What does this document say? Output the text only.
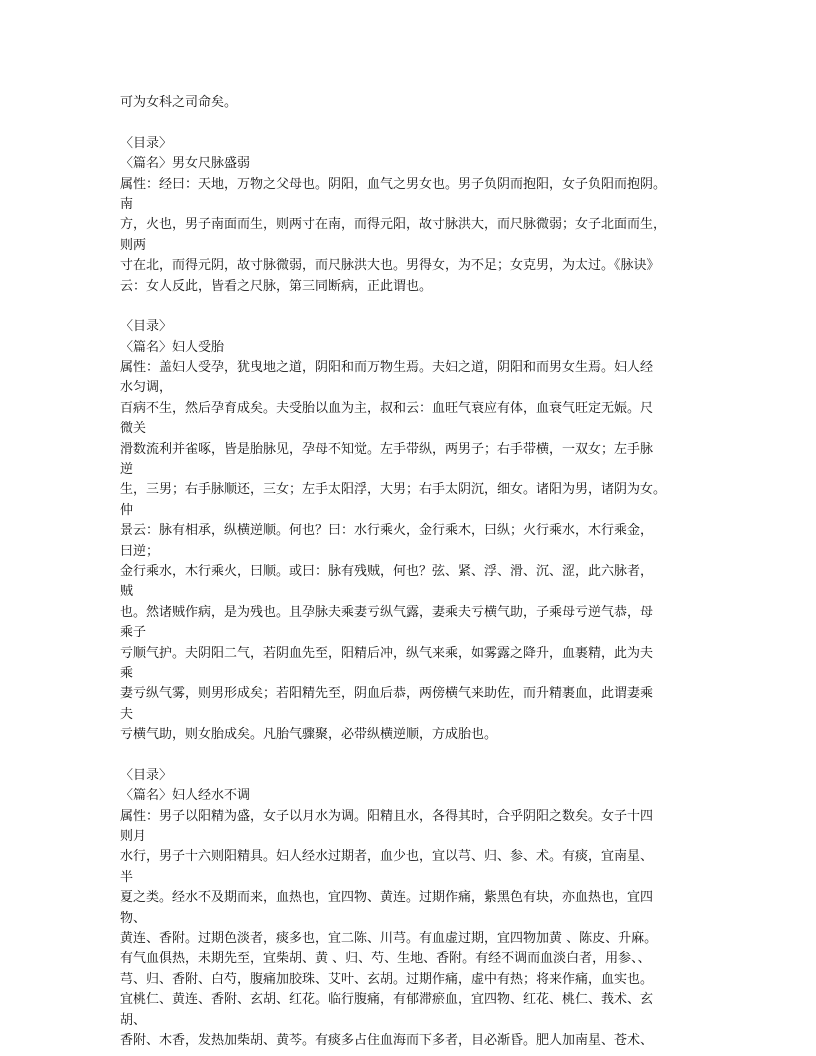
可为女科之司命矣。
〈目录〉
〈篇名〉男女尺脉盛弱
属性：经曰：天地，万物之父母也。阴阳，血气之男女也。男子负阴而抱阳，女子负阳而抱阴。
南
方，火也，男子南面而生，则两寸在南，而得元阳，故寸脉洪大，而尺脉微弱；女子北面而生，
则两
寸在北，而得元阴，故寸脉微弱，而尺脉洪大也。男得女，为不足；女克男，为太过。《脉诀》
云：女人反此，皆看之尺脉，第三同断病，正此谓也。
〈目录〉
〈篇名〉妇人受胎
属性：盖妇人受孕，犹曳地之道，阴阳和而万物生焉。夫妇之道，阴阳和而男女生焉。妇人经
水匀调，
百病不生，然后孕育成矣。夫受胎以血为主，叔和云：血旺气衰应有体，血衰气旺定无娠。尺
微关
滑数流利并雀啄，皆是胎脉见，孕母不知觉。左手带纵，两男子；右手带横，一双女；左手脉
逆
生，三男；右手脉顺还，三女；左手太阳浮，大男；右手太阴沉，细女。诸阳为男，诸阴为女。
仲
景云：脉有相承，纵横逆顺。何也？曰：水行乘火，金行乘木，曰纵；火行乘水，木行乘金，
曰逆；
金行乘水，木行乘火，曰顺。或曰：脉有残贼，何也？弦、紧、浮、滑、沉、涩，此六脉者，
贼
也。然诸贼作病，是为残也。且孕脉夫乘妻亏纵气露，妻乘夫亏横气助，子乘母亏逆气恭，母
乘子
亏顺气护。夫阴阳二气，若阴血先至，阳精后冲，纵气来乘，如雾露之降升，血裹精，此为夫
乘
妻亏纵气雾，则男形成矣；若阳精先至，阴血后恭，两傍横气来助佐，而升精裹血，此谓妻乘
夫
亏横气助，则女胎成矣。凡胎气骤聚，必带纵横逆顺，方成胎也。
〈目录〉
〈篇名〉妇人经水不调
属性：男子以阳精为盛，女子以月水为调。阳精且水，各得其时，合乎阴阳之数矣。女子十四
则月
水行，男子十六则阳精具。妇人经水过期者，血少也，宜以芎、归、参、术。有痰，宜南星、
半
夏之类。经水不及期而来，血热也，宜四物、黄连。过期作痛，紫黑色有块，亦血热也，宜四
物、
黄连、香附。过期色淡者，痰多也，宜二陈、川芎。有血虚过期，宜四物加黄 、陈皮、升麻。
有气血俱热，未期先至，宜柴胡、黄 、归、芍、生地、香附。有经不调而血淡白者，用参、、
芎、归、香附、白芍，腹痛加胶珠、艾叶、玄胡。过期作痛，虚中有热；将来作痛，血实也。
宜桃仁、黄连、香附、玄胡、红花。临行腹痛，有郁滞瘀血，宜四物、红花、桃仁、莪术、玄
胡、
香附、木香，发热加柴胡、黄芩。有痰多占住血海而下多者，目必渐昏。肥人加南星、苍术、
